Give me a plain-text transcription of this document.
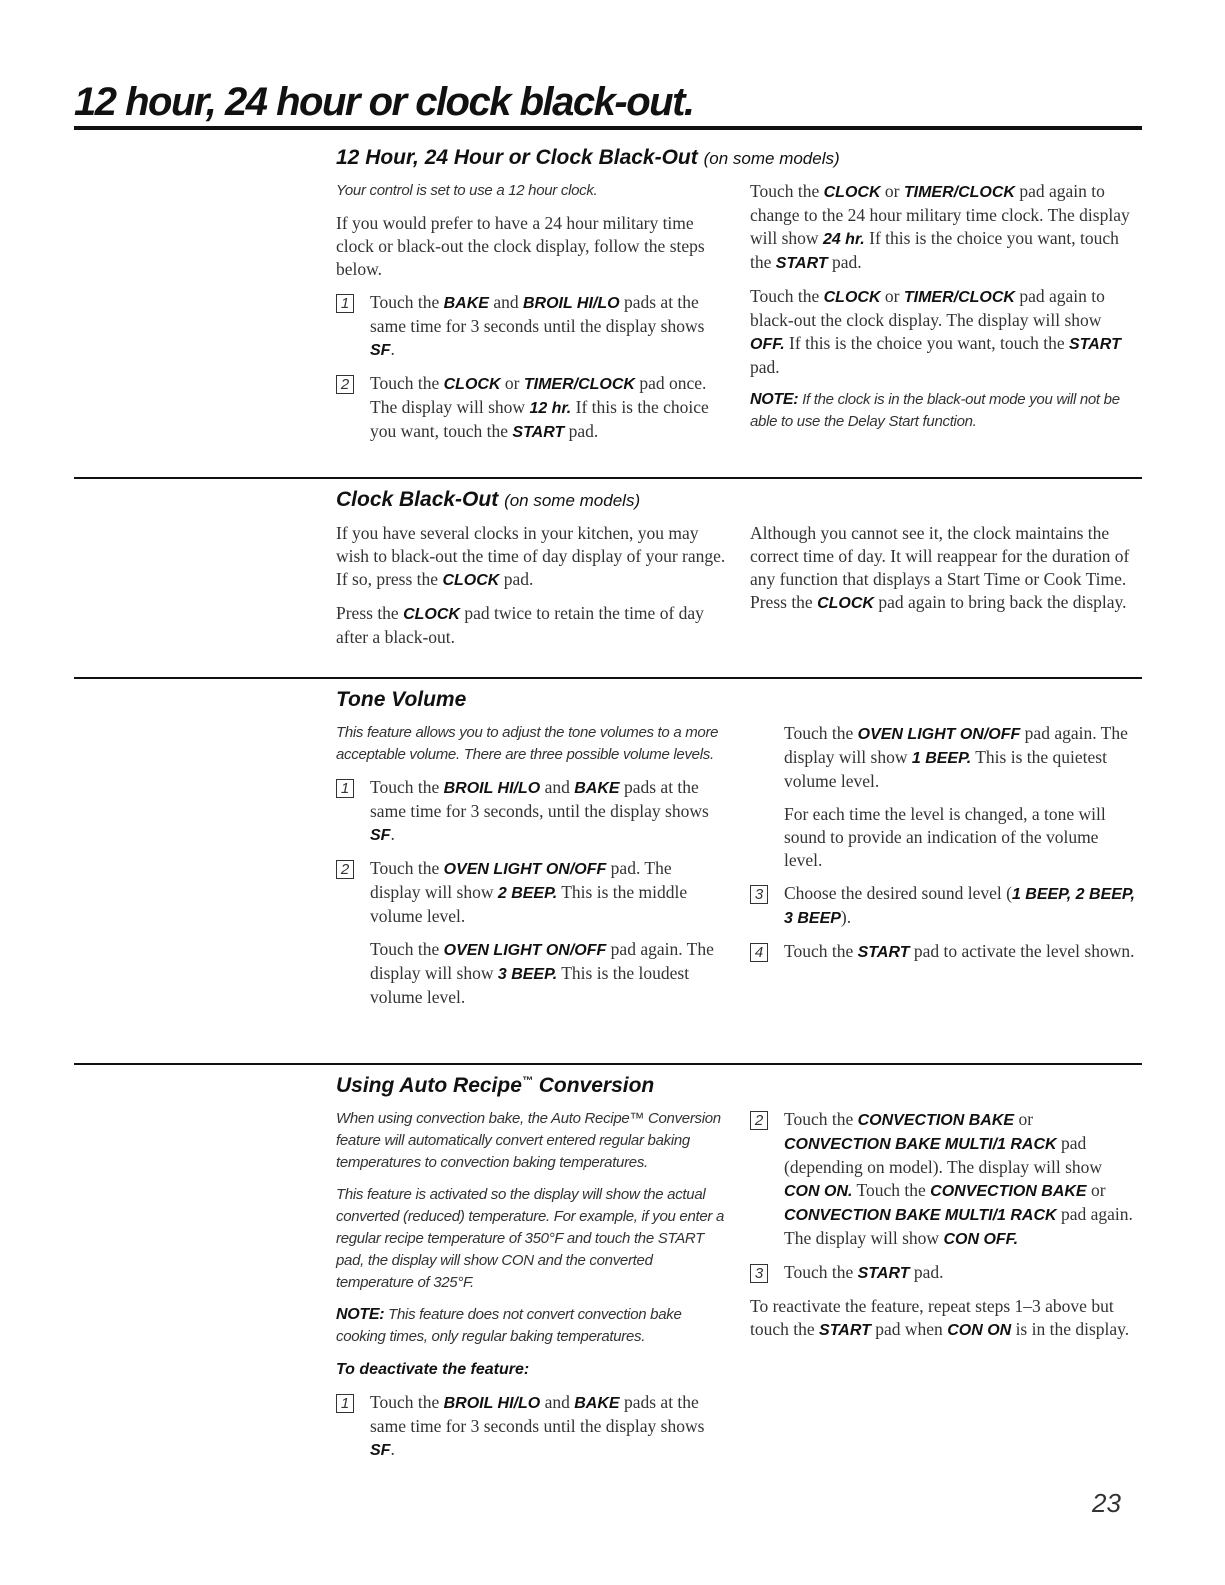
12 hour, 24 hour or clock black-out.
12 Hour, 24 Hour or Clock Black-Out (on some models)

Your control is set to use a 12 hour clock.

If you would prefer to have a 24 hour military time clock or black-out the clock display, follow the steps below.

1 Touch the BAKE and BROIL HI/LO pads at the same time for 3 seconds until the display shows SF.
2 Touch the CLOCK or TIMER/CLOCK pad once. The display will show 12 hr. If this is the choice you want, touch the START pad.

Touch the CLOCK or TIMER/CLOCK pad again to change to the 24 hour military time clock. The display will show 24 hr. If this is the choice you want, touch the START pad.

Touch the CLOCK or TIMER/CLOCK pad again to black-out the clock display. The display will show OFF. If this is the choice you want, touch the START pad.

NOTE: If the clock is in the black-out mode you will not be able to use the Delay Start function.

Clock Black-Out (on some models)

If you have several clocks in your kitchen, you may wish to black-out the time of day display of your range. If so, press the CLOCK pad.

Press the CLOCK pad twice to retain the time of day after a black-out.

Although you cannot see it, the clock maintains the correct time of day. It will reappear for the duration of any function that displays a Start Time or Cook Time. Press the CLOCK pad again to bring back the display.

Tone Volume

This feature allows you to adjust the tone volumes to a more acceptable volume. There are three possible volume levels.

1 Touch the BROIL HI/LO and BAKE pads at the same time for 3 seconds, until the display shows SF.
2 Touch the OVEN LIGHT ON/OFF pad. The display will show 2 BEEP. This is the middle volume level.
Touch the OVEN LIGHT ON/OFF pad again. The display will show 3 BEEP. This is the loudest volume level.
Touch the OVEN LIGHT ON/OFF pad again. The display will show 1 BEEP. This is the quietest volume level.
For each time the level is changed, a tone will sound to provide an indication of the volume level.
3 Choose the desired sound level (1 BEEP, 2 BEEP, 3 BEEP).
4 Touch the START pad to activate the level shown.
Using Auto Recipe™ Conversion

When using convection bake, the Auto Recipe™ Conversion feature will automatically convert entered regular baking temperatures to convection baking temperatures.

This feature is activated so the display will show the actual converted (reduced) temperature. For example, if you enter a regular recipe temperature of 350°F and touch the START pad, the display will show CON and the converted temperature of 325°F.

NOTE: This feature does not convert convection bake cooking times, only regular baking temperatures.

To deactivate the feature:

1 Touch the BROIL HI/LO and BAKE pads at the same time for 3 seconds until the display shows SF.
2 Touch the CONVECTION BAKE or CONVECTION BAKE MULTI/1 RACK pad (depending on model). The display will show CON ON. Touch the CONVECTION BAKE or CONVECTION BAKE MULTI/1 RACK pad again. The display will show CON OFF.
3 Touch the START pad.

To reactivate the feature, repeat steps 1–3 above but touch the START pad when CON ON is in the display.

23
